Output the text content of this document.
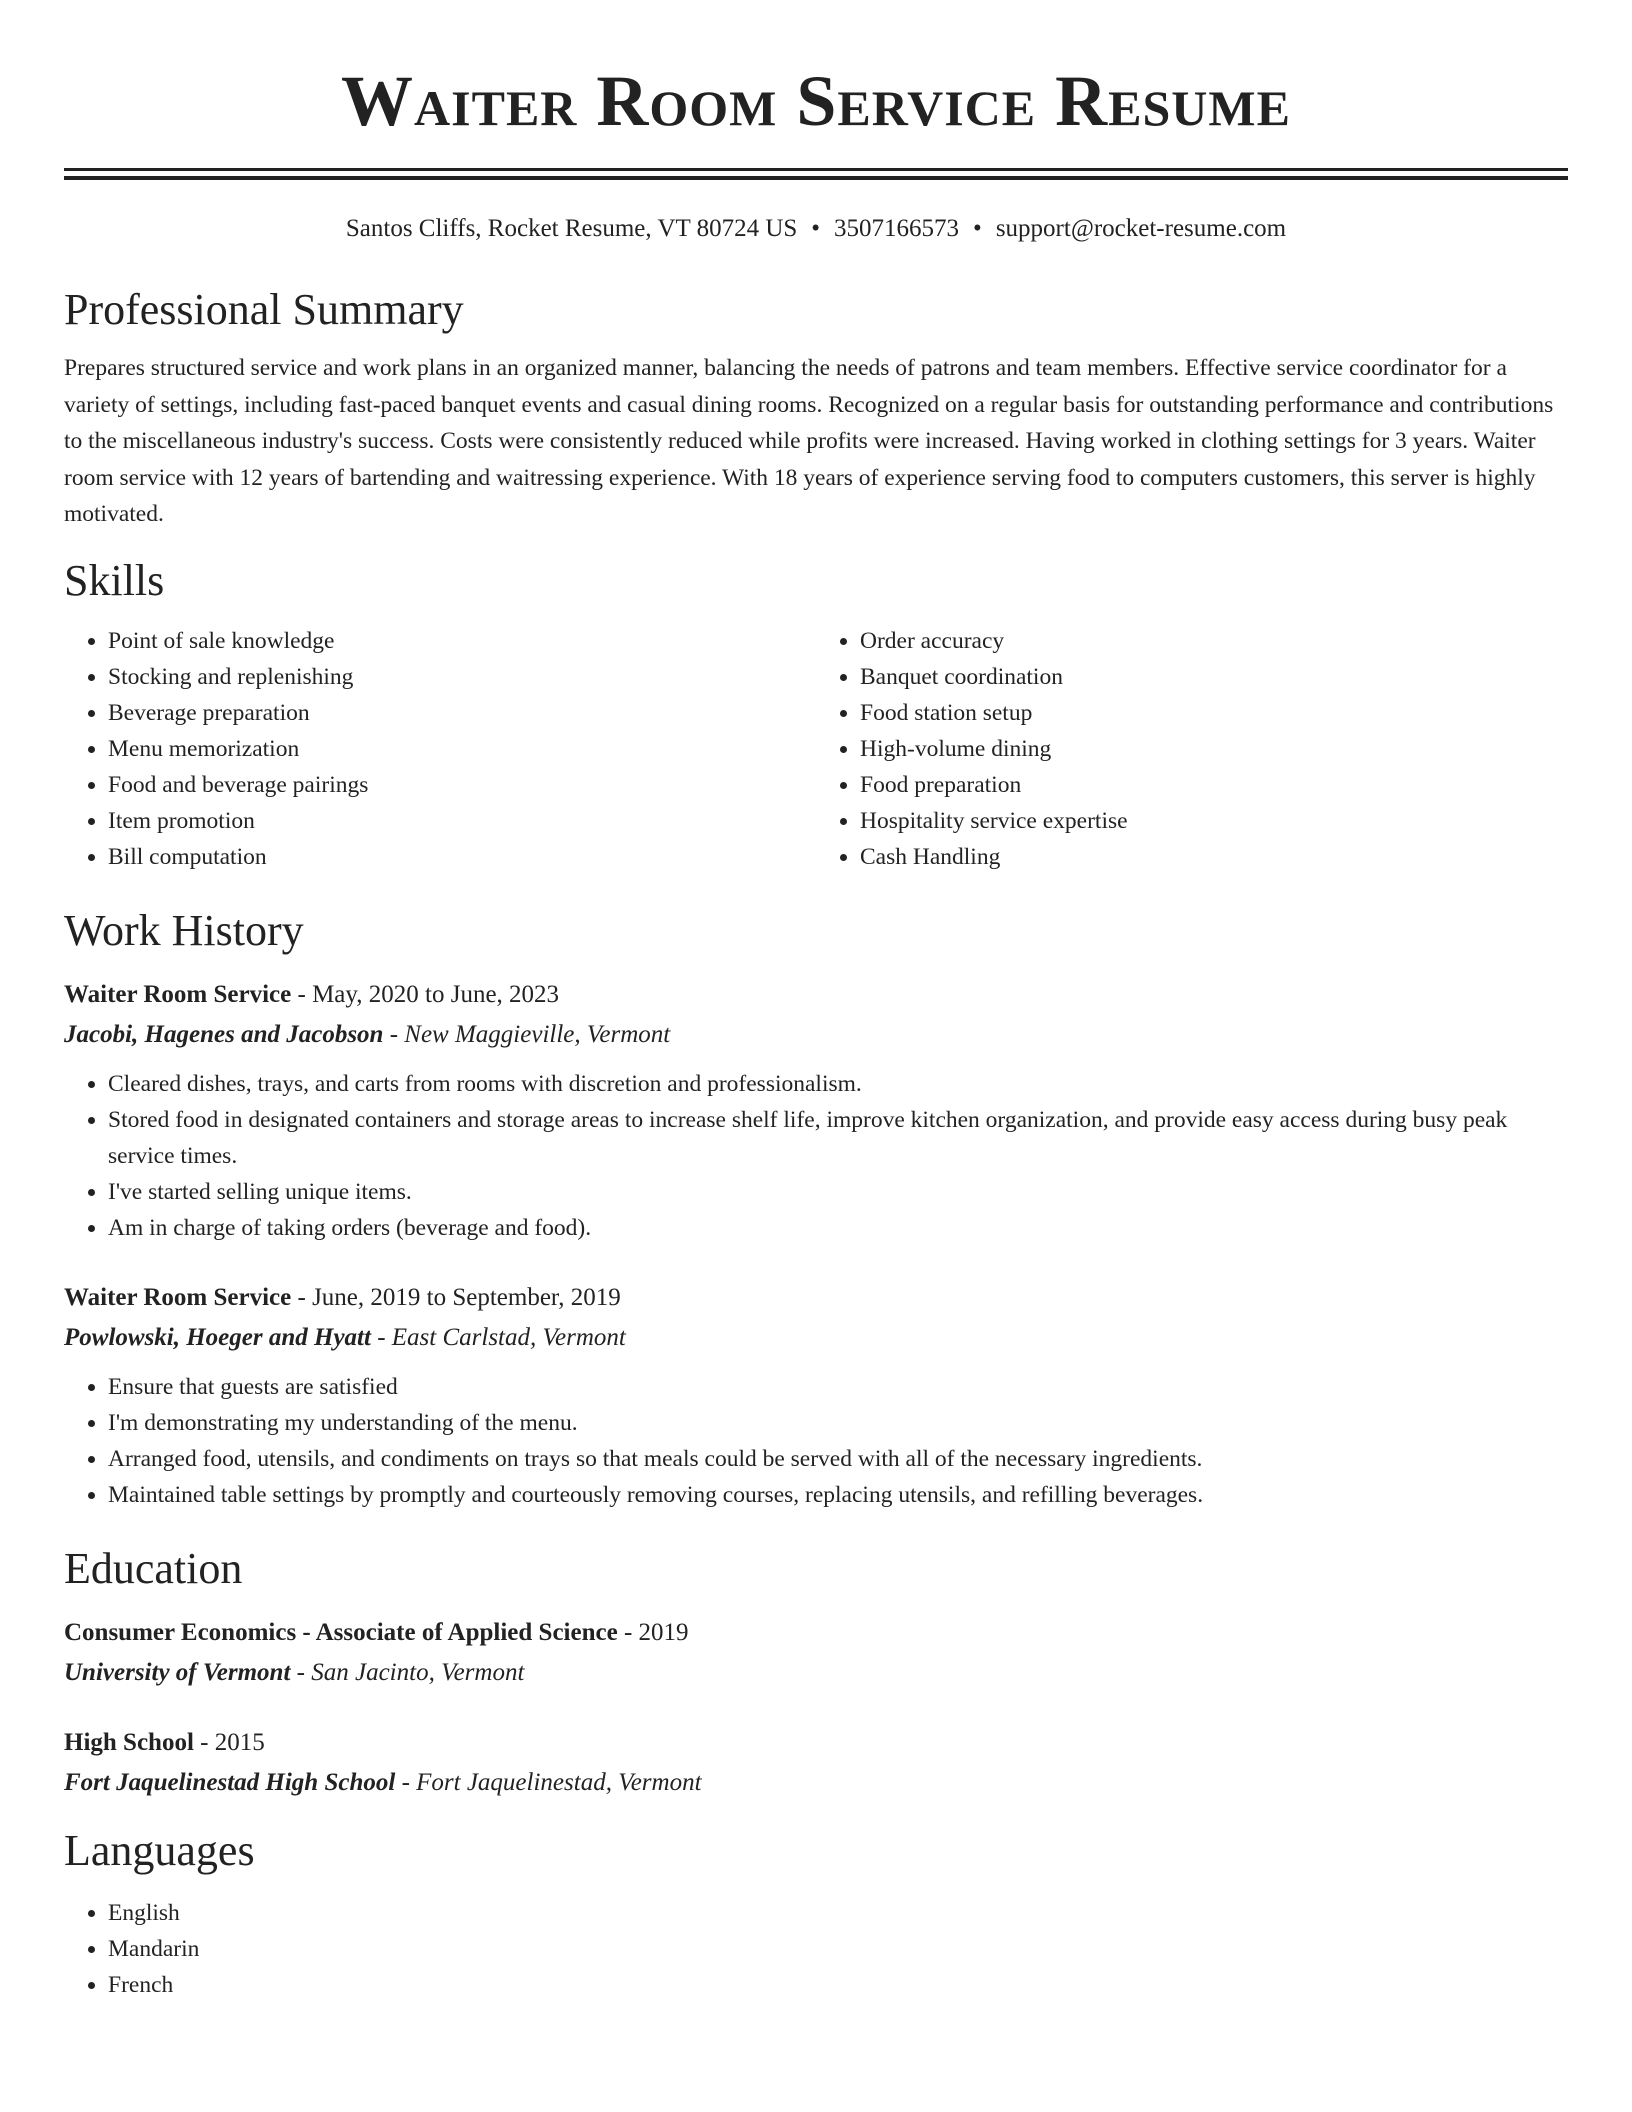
Waiter Room Service Resume
Santos Cliffs, Rocket Resume, VT 80724 US • 3507166573 • support@rocket-resume.com
Professional Summary

Prepares structured service and work plans in an organized manner, balancing the needs of patrons and team members. Effective service coordinator for a variety of settings, including fast-paced banquet events and casual dining rooms. Recognized on a regular basis for outstanding performance and contributions to the miscellaneous industry's success. Costs were consistently reduced while profits were increased. Having worked in clothing settings for 3 years. Waiter room service with 12 years of bartending and waitressing experience. With 18 years of experience serving food to computers customers, this server is highly motivated.

Skills
• Point of sale knowledge
• Stocking and replenishing
• Beverage preparation
• Menu memorization
• Food and beverage pairings
• Item promotion
• Bill computation
• Order accuracy
• Banquet coordination
• Food station setup
• High-volume dining
• Food preparation
• Hospitality service expertise
• Cash Handling
Work History
Waiter Room Service - May, 2020 to June, 2023
Jacobi, Hagenes and Jacobson - New Maggieville, Vermont
• Cleared dishes, trays, and carts from rooms with discretion and professionalism.
• Stored food in designated containers and storage areas to increase shelf life, improve kitchen organization, and provide easy access during busy peak service times.
• I've started selling unique items.
• Am in charge of taking orders (beverage and food).
Waiter Room Service - June, 2019 to September, 2019
Powlowski, Hoeger and Hyatt - East Carlstad, Vermont
• Ensure that guests are satisfied
• I'm demonstrating my understanding of the menu.
• Arranged food, utensils, and condiments on trays so that meals could be served with all of the necessary ingredients.
• Maintained table settings by promptly and courteously removing courses, replacing utensils, and refilling beverages.
Education
Consumer Economics - Associate of Applied Science - 2019
University of Vermont - San Jacinto, Vermont
High School - 2015
Fort Jaquelinestad High School - Fort Jaquelinestad, Vermont
Languages
• English
• Mandarin
• French
